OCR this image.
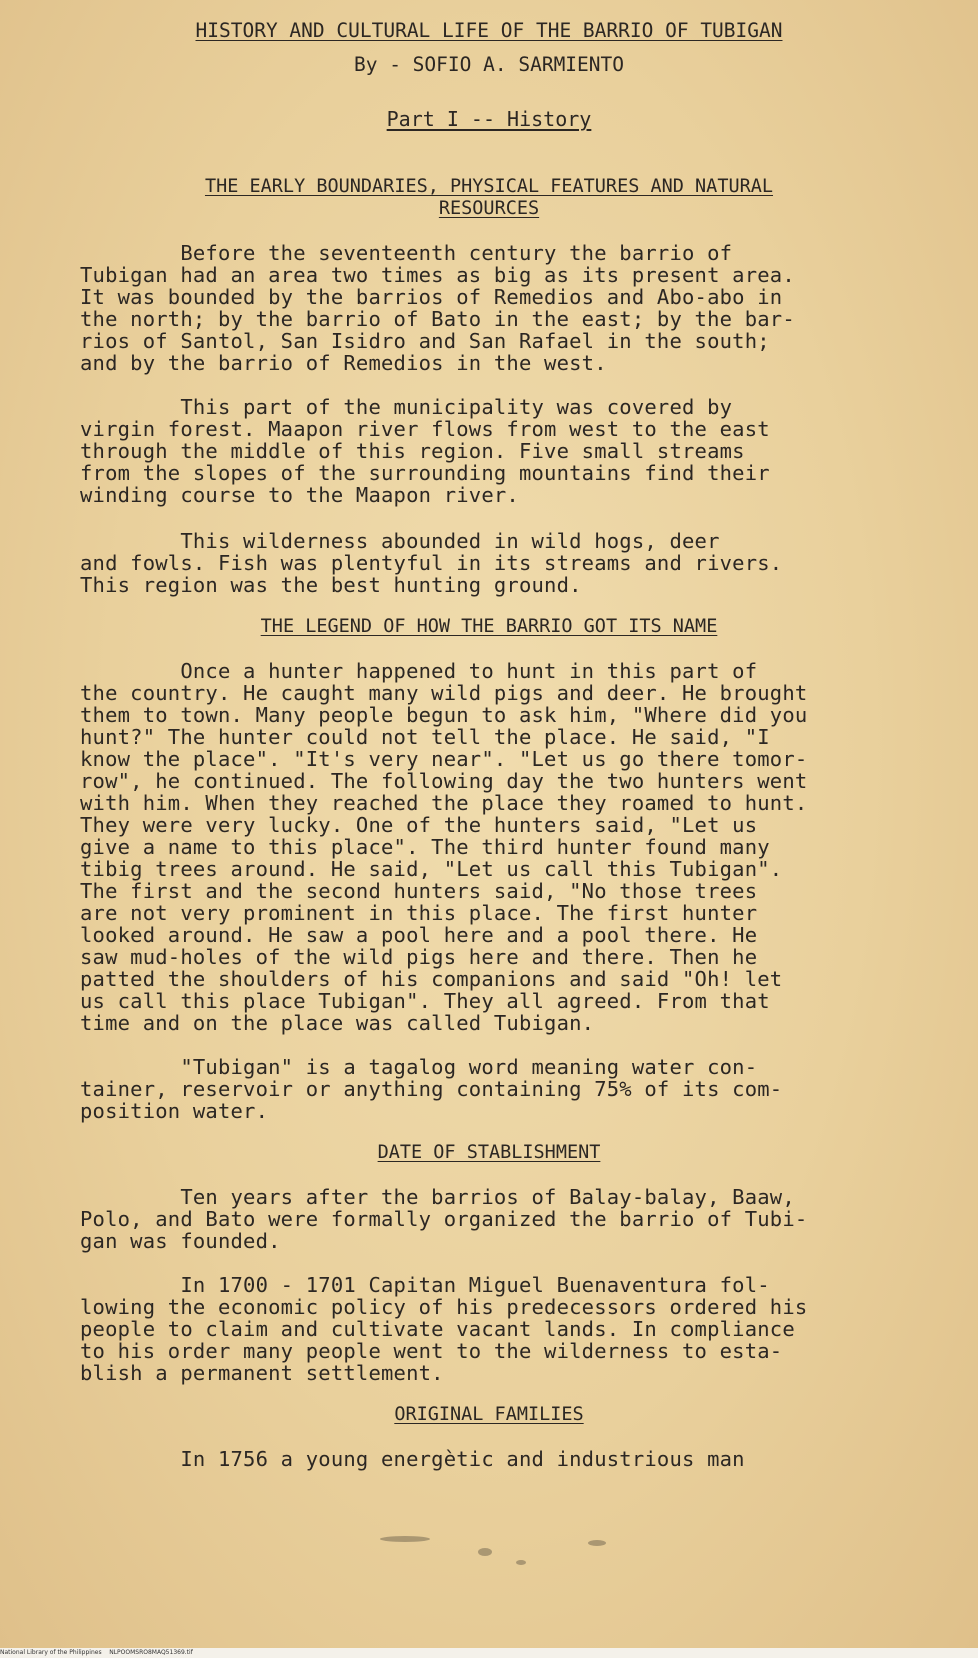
HISTORY AND CULTURAL LIFE OF THE BARRIO OF TUBIGAN
By - SOFIO A. SARMIENTO
Part I -- History
THE EARLY BOUNDARIES, PHYSICAL FEATURES AND NATURAL
RESOURCES
Before the seventeenth century the barrio of
Tubigan had an area two times as big as its present area.
It was bounded by the barrios of Remedios and Abo-abo in
the north; by the barrio of Bato in the east; by the bar-
rios of Santol, San Isidro and San Rafael in the south;
and by the barrio of Remedios in the west.
This part of the municipality was covered by
virgin forest. Maapon river flows from west to the east
through the middle of this region. Five small streams
from the slopes of the surrounding mountains find their
winding course to the Maapon river.
This wilderness abounded in wild hogs, deer
and fowls. Fish was plentyful in its streams and rivers.
This region was the best hunting ground.
THE LEGEND OF HOW THE BARRIO GOT ITS NAME
Once a hunter happened to hunt in this part of
the country. He caught many wild pigs and deer. He brought
them to town. Many people begun to ask him, "Where did you
hunt?" The hunter could not tell the place. He said, "I
know the place". "It's very near". "Let us go there tomor-
row", he continued. The following day the two hunters went
with him. When they reached the place they roamed to hunt.
They were very lucky. One of the hunters said, "Let us
give a name to this place". The third hunter found many
tibig trees around. He said, "Let us call this Tubigan".
The first and the second hunters said, "No those trees
are not very prominent in this place. The first hunter
looked around. He saw a pool here and a pool there. He
saw mud-holes of the wild pigs here and there. Then he
patted the shoulders of his companions and said "Oh! let
us call this place Tubigan". They all agreed. From that
time and on the place was called Tubigan.
"Tubigan" is a tagalog word meaning water con-
tainer, reservoir or anything containing 75% of its com-
position water.
DATE OF STABLISHMENT
Ten years after the barrios of Balay-balay, Baaw,
Polo, and Bato were formally organized the barrio of Tubi-
gan was founded.
In 1700 - 1701 Capitan Miguel Buenaventura fol-
lowing the economic policy of his predecessors ordered his
people to claim and cultivate vacant lands. In compliance
to his order many people went to the wilderness to esta-
blish a permanent settlement.
ORIGINAL FAMILIES
In 1756 a young energètic and industrious man
National Library of the Philippines    NLPOOMSRO8MAQ51369.tif
